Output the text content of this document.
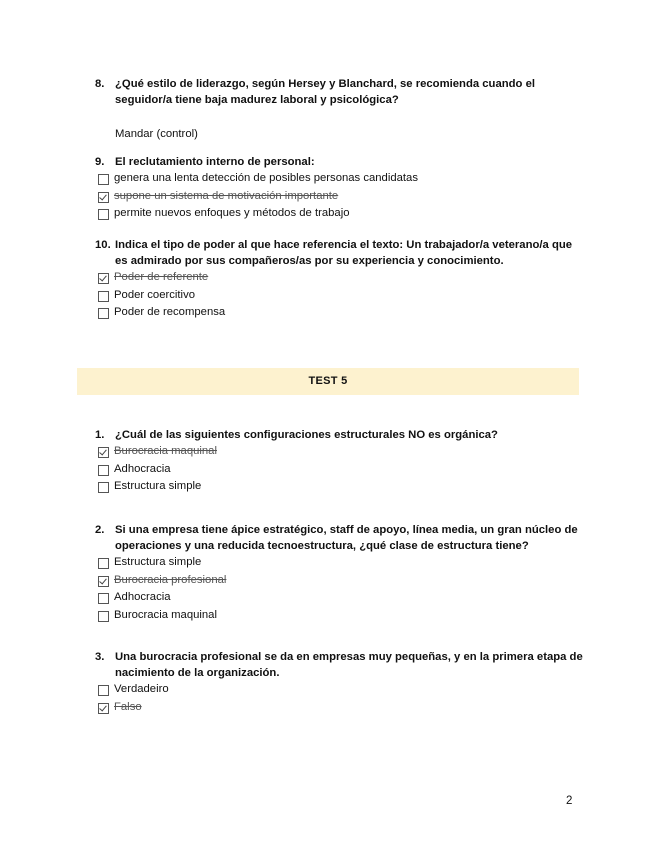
8. ¿Qué estilo de liderazgo, según Hersey y Blanchard, se recomienda cuando el seguidor/a tiene baja madurez laboral y psicológica?
Mandar (control)
9. El reclutamiento interno de personal:
genera una lenta detección de posibles personas candidatas
supone un sistema de motivación importante
permite nuevos enfoques y métodos de trabajo
10. Indica el tipo de poder al que hace referencia el texto: Un trabajador/a veterano/a que es admirado por sus compañeros/as por su experiencia y conocimiento.
Poder de referente
Poder coercitivo
Poder de recompensa
TEST 5
1. ¿Cuál de las siguientes configuraciones estructurales NO es orgánica?
Burocracia maquinal
Adhocracia
Estructura simple
2. Si una empresa tiene ápice estratégico, staff de apoyo, línea media, un gran núcleo de operaciones y una reducida tecnoestructura, ¿qué clase de estructura tiene?
Estructura simple
Burocracia profesional
Adhocracia
Burocracia maquinal
3. Una burocracia profesional se da en empresas muy pequeñas, y en la primera etapa de nacimiento de la organización.
Verdadeiro
Falso
2
